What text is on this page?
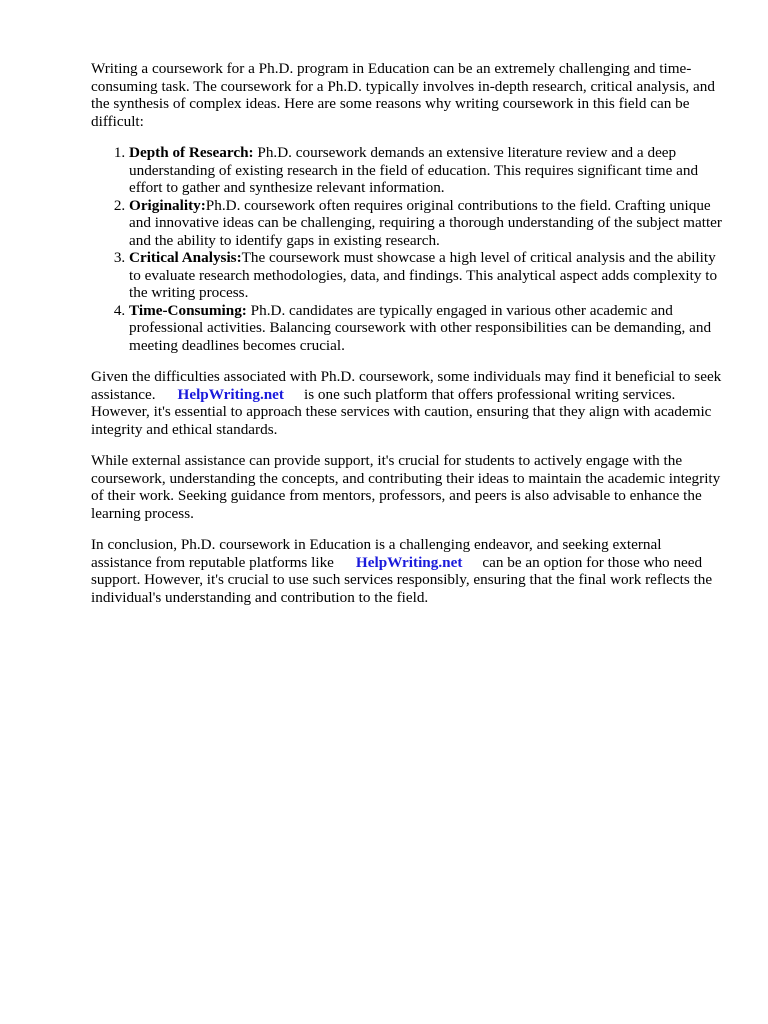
Writing a coursework for a Ph.D. program in Education can be an extremely challenging and time-consuming task. The coursework for a Ph.D. typically involves in-depth research, critical analysis, and the synthesis of complex ideas. Here are some reasons why writing coursework in this field can be difficult:

1. Depth of Research: Ph.D. coursework demands an extensive literature review and a deep understanding of existing research in the field of education. This requires significant time and effort to gather and synthesize relevant information.
2. Originality:Ph.D. coursework often requires original contributions to the field. Crafting unique and innovative ideas can be challenging, requiring a thorough understanding of the subject matter and the ability to identify gaps in existing research.
3. Critical Analysis:The coursework must showcase a high level of critical analysis and the ability to evaluate research methodologies, data, and findings. This analytical aspect adds complexity to the writing process.
4. Time-Consuming: Ph.D. candidates are typically engaged in various other academic and professional activities. Balancing coursework with other responsibilities can be demanding, and meeting deadlines becomes crucial.

Given the difficulties associated with Ph.D. coursework, some individuals may find it beneficial to seek assistance. HelpWriting.net is one such platform that offers professional writing services. However, it's essential to approach these services with caution, ensuring that they align with academic integrity and ethical standards.

While external assistance can provide support, it's crucial for students to actively engage with the coursework, understanding the concepts, and contributing their ideas to maintain the academic integrity of their work. Seeking guidance from mentors, professors, and peers is also advisable to enhance the learning process.

In conclusion, Ph.D. coursework in Education is a challenging endeavor, and seeking external assistance from reputable platforms like HelpWriting.net can be an option for those who need support. However, it's crucial to use such services responsibly, ensuring that the final work reflects the individual's understanding and contribution to the field.
